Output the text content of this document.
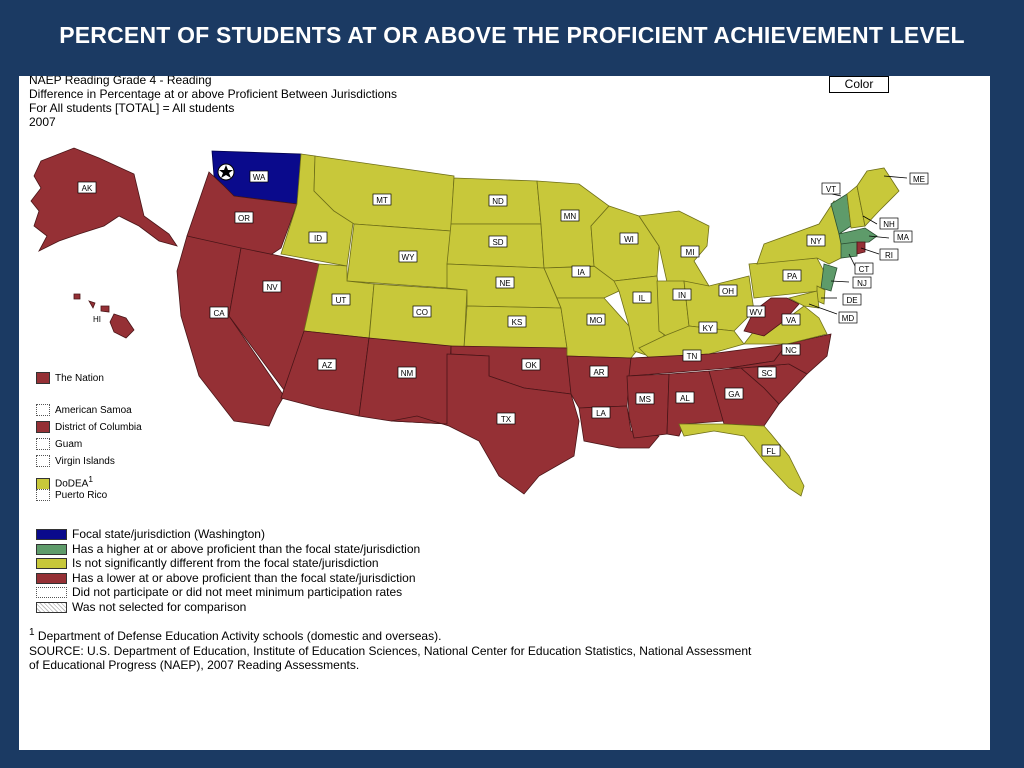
PERCENT OF STUDENTS AT OR ABOVE THE PROFICIENT ACHIEVEMENT LEVEL
NAEP Reading Grade 4 - Reading
Difference in Percentage at or above Proficient Between Jurisdictions
For All students [TOTAL] = All students
2007
Color
AK
WA
OR
CA
NV
ID
MT
WY
UT
AZ
CO
NM
ND
SD
NE
KS
OK
TX
MN
IA
MO
AR
LA
WI
IL
MI
IN	OH
KY
TN
MS	AL	GA
FL
SC
NC
VA
WV
PA
NY
VT
NH
ME
MA
RI
CT
NJ
DE
MD
HI
The Nation
American Samoa
District of Columbia
Guam
Virgin Islands
DoDEA$^1$
Puerto Rico
Focal state/jurisdiction (Washington)
Has a higher at or above proficient than the focal state/jurisdiction
Is not significantly different from the focal state/jurisdiction
Has a lower at or above proficient than the focal state/jurisdiction
Did not participate or did not meet minimum participation rates
Was not selected for comparison
$^1$ Department of Defense Education Activity schools (domestic and overseas).
SOURCE: U.S. Department of Education, Institute of Education Sciences, National Center for Education Statistics, National Assessment
of Educational Progress (NAEP), 2007 Reading Assessments.
